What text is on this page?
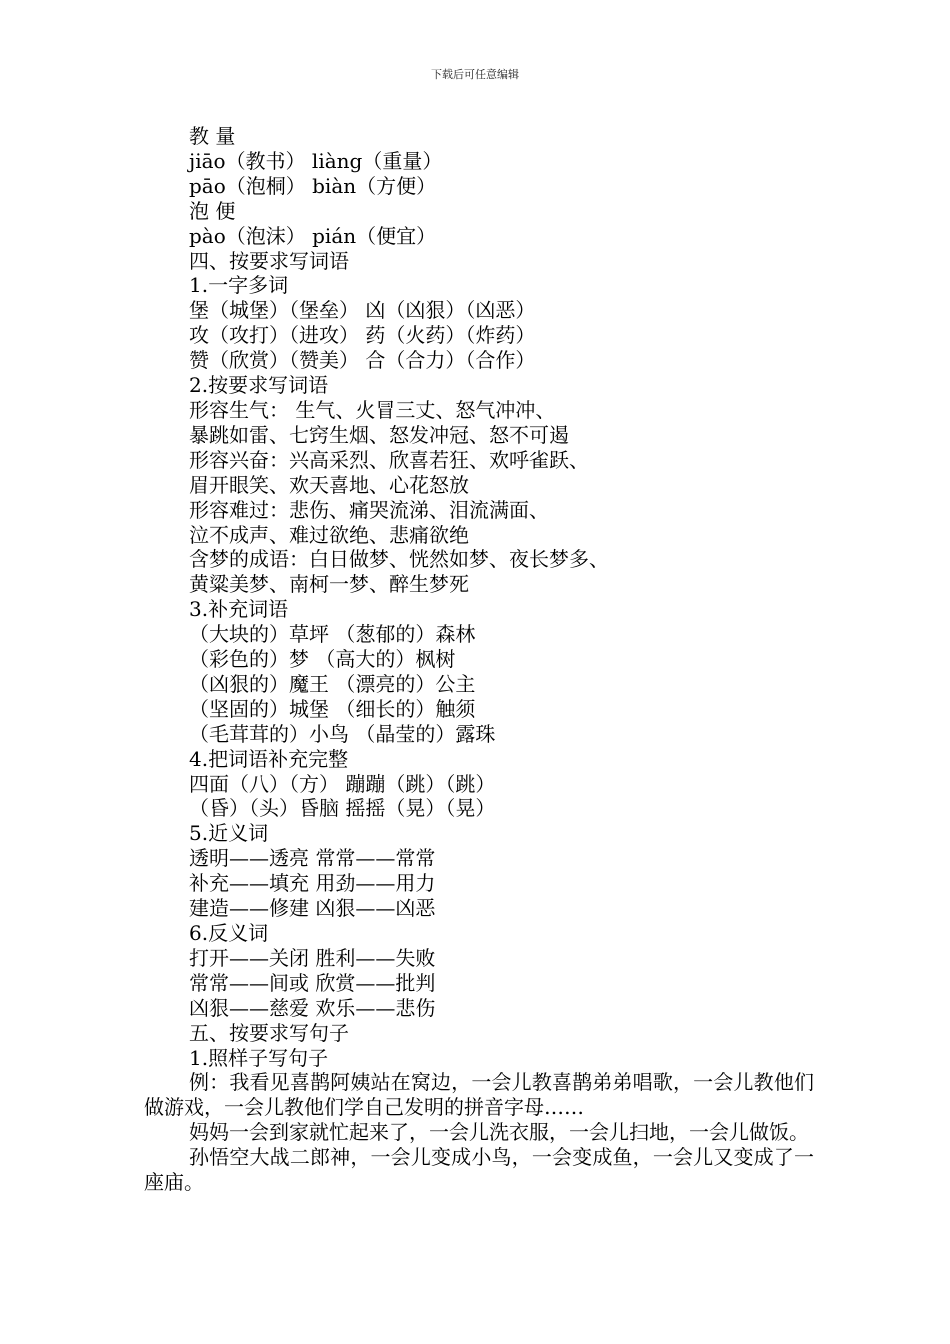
下载后可任意编辑
教 量
jiāo（教书） liàng（重量）
pāo（泡桐） biàn（方便）
泡 便
pào（泡沫） pián（便宜）
四、按要求写词语
1.一字多词
堡（城堡）（堡垒） 凶（凶狠）（凶恶）
攻（攻打）（进攻） 药（火药）（炸药）
赞（欣赏）（赞美） 合（合力）（合作）
2.按要求写词语
形容生气： 生气、火冒三丈、怒气冲冲、
暴跳如雷、七窍生烟、怒发冲冠、怒不可遏
形容兴奋：兴高采烈、欣喜若狂、欢呼雀跃、
眉开眼笑、欢天喜地、心花怒放
形容难过：悲伤、痛哭流涕、泪流满面、
泣不成声、难过欲绝、悲痛欲绝
含梦的成语：白日做梦、恍然如梦、夜长梦多、
黄粱美梦、南柯一梦、醉生梦死
3.补充词语
（大块的）草坪 （葱郁的）森林
（彩色的）梦 （高大的）枫树
（凶狠的）魔王 （漂亮的）公主
（坚固的）城堡 （细长的）触须
（毛茸茸的）小鸟 （晶莹的）露珠
4.把词语补充完整
四面（八）（方） 蹦蹦（跳）（跳）
（昏）（头）昏脑 摇摇（晃）（晃）
5.近义词
透明——透亮 常常——常常
补充——填充 用劲——用力
建造——修建 凶狠——凶恶
6.反义词
打开——关闭 胜利——失败
常常——间或 欣赏——批判
凶狠——慈爱 欢乐——悲伤
五、按要求写句子
1.照样子写句子
例：我看见喜鹊阿姨站在窝边，一会儿教喜鹊弟弟唱歌，一会儿教他们做游戏，一会儿教他们学自己发明的拼音字母……
妈妈一会到家就忙起来了，一会儿洗衣服，一会儿扫地，一会儿做饭。
孙悟空大战二郎神，一会儿变成小鸟，一会变成鱼，一会儿又变成了一座庙。
